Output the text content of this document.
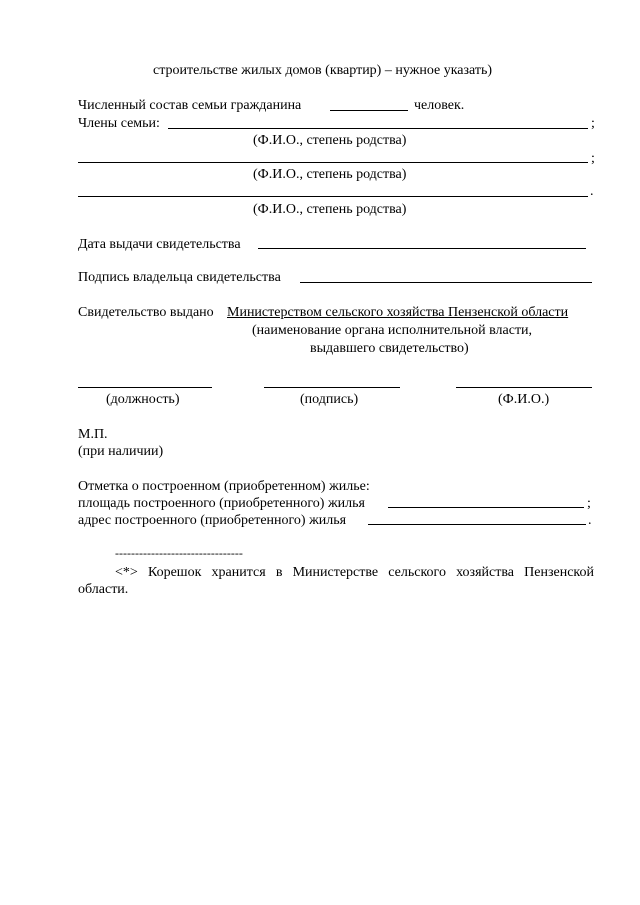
строительстве жилых домов (квартир) – нужное указать)
Численный состав семьи гражданина	человек.
Члены семьи:	;
(Ф.И.О., степень родства)
;
(Ф.И.О., степень родства)
.
(Ф.И.О., степень родства)
Дата выдачи свидетельства
Подпись владельца свидетельства
Свидетельство выдано Министерством сельского хозяйства Пензенской области
(наименование органа исполнительной власти,
выдавшего свидетельство)
(должность)	(подпись)	(Ф.И.О.)
М.П.
(при наличии)
Отметка о построенном (приобретенном) жилье:
площадь построенного (приобретенного) жилья	;
адрес построенного (приобретенного) жилья	.
--------------------------------
<*> Корешок хранится в Министерстве сельского хозяйства Пензенской области.
